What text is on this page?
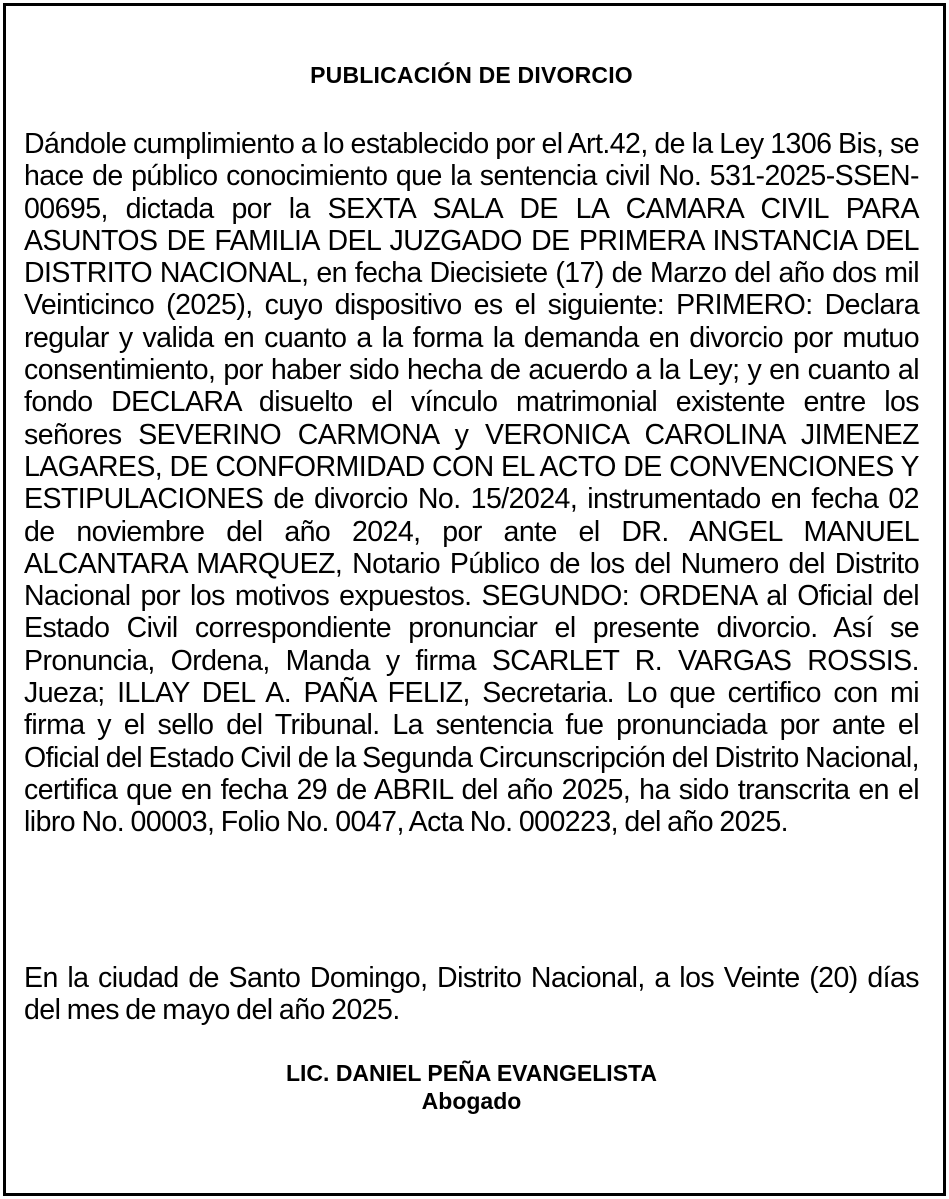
PUBLICACIÓN DE DIVORCIO
Dándole cumplimiento a lo establecido por el Art.42, de la Ley 1306 Bis, se hace de público conocimiento que la sentencia civil No. 531-2025-SSEN-00695, dictada por la SEXTA SALA DE LA CAMARA CIVIL PARA ASUNTOS DE FAMILIA DEL JUZGADO DE PRIMERA INSTANCIA DEL DISTRITO NACIONAL, en fecha Diecisiete (17) de Marzo del año dos mil Veinticinco (2025), cuyo dispositivo es el siguiente: PRIMERO: Declara regular y valida en cuanto a la forma la demanda en divorcio por mutuo consentimiento, por haber sido hecha de acuerdo a la Ley; y en cuanto al fondo DECLARA disuelto el vínculo matrimonial existente entre los señores SEVERINO CARMONA y VERONICA CAROLINA JIMENEZ LAGARES, DE CONFORMIDAD CON EL ACTO DE CONVENCIONES Y ESTIPULACIONES de divorcio No. 15/2024, instrumentado en fecha 02 de noviembre del año 2024, por ante el DR. ANGEL MANUEL ALCANTARA MARQUEZ, Notario Público de los del Numero del Distrito Nacional por los motivos expuestos. SEGUNDO: ORDENA al Oficial del Estado Civil correspondiente pronunciar el presente divorcio. Así se Pronuncia, Ordena, Manda y firma SCARLET R. VARGAS ROSSIS. Jueza; ILLAY DEL A. PAÑA FELIZ, Secretaria. Lo que certifico con mi firma y el sello del Tribunal. La sentencia fue pronunciada por ante el Oficial del Estado Civil de la Segunda Circunscripción del Distrito Nacional, certifica que en fecha 29 de ABRIL del año 2025, ha sido transcrita en el libro No. 00003, Folio No. 0047, Acta No. 000223, del año 2025.
En la ciudad de Santo Domingo, Distrito Nacional, a los Veinte (20) días del mes de mayo del año 2025.
LIC. DANIEL PEÑA EVANGELISTA
Abogado
